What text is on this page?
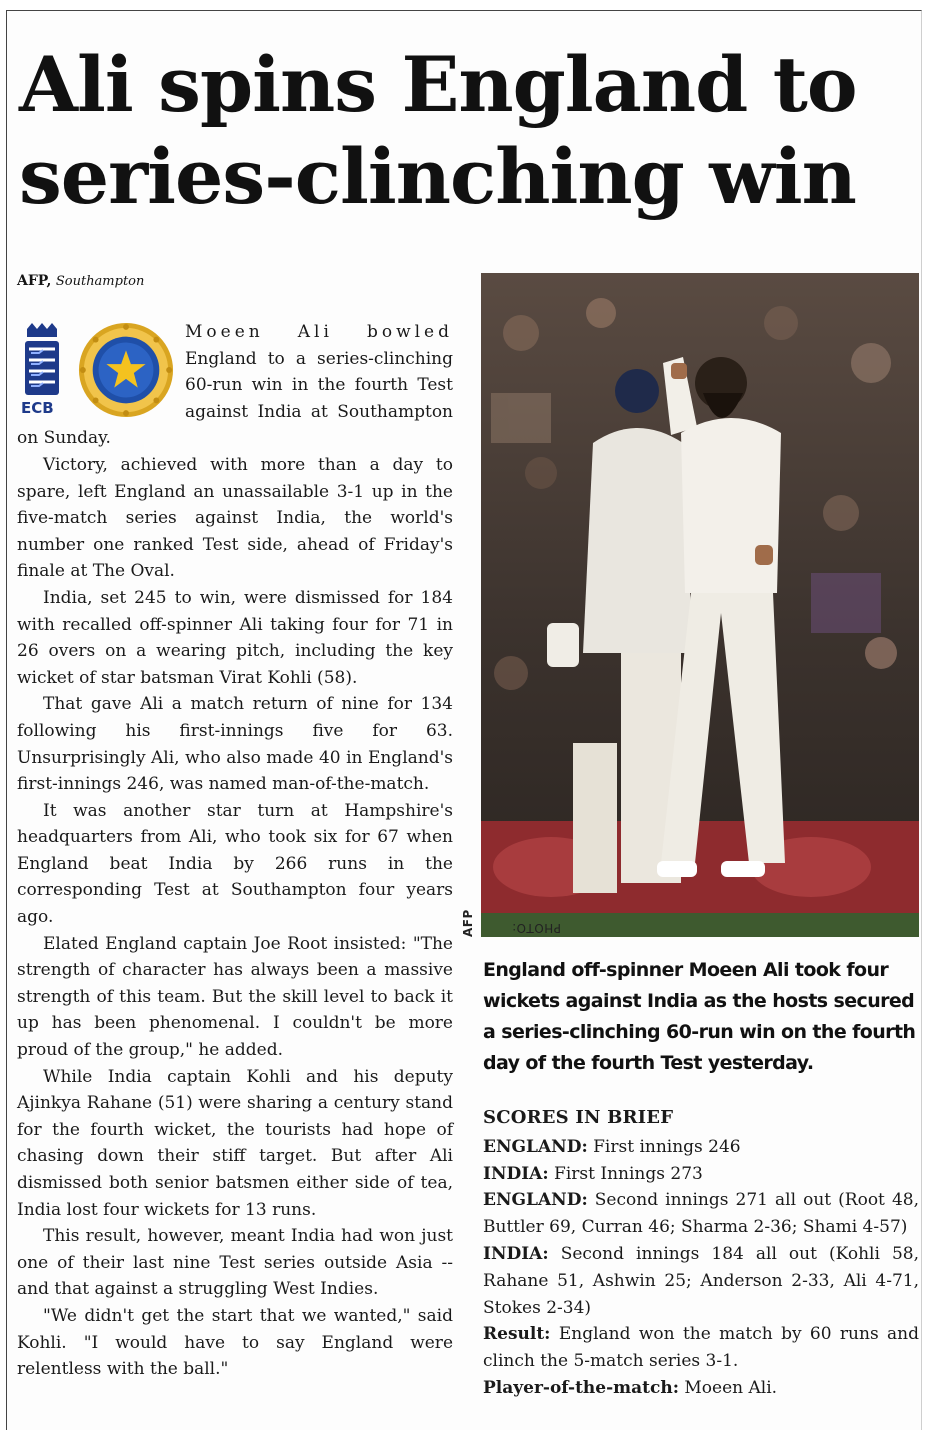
Ali spins England to
series-clinching win
AFP, Southampton
ECB

Moeen Ali bowled England to a series-clinching 60-run win in the fourth Test against India at Southampton on Sunday.

Victory, achieved with more than a day to spare, left England an unassailable 3-1 up in the five-match series against India, the world's number one ranked Test side, ahead of Friday's finale at The Oval.

India, set 245 to win, were dismissed for 184 with recalled off-spinner Ali taking four for 71 in 26 overs on a wearing pitch, including the key wicket of star batsman Virat Kohli (58).

That gave Ali a match return of nine for 134 following his first-innings five for 63. Unsurprisingly Ali, who also made 40 in England's first-innings 246, was named man-of-the-match.

It was another star turn at Hampshire's headquarters from Ali, who took six for 67 when England beat India by 266 runs in the corresponding Test at Southampton four years ago.

Elated England captain Joe Root insisted: "The strength of character has always been a massive strength of this team. But the skill level to back it up has been phenomenal. I couldn't be more proud of the group," he added.

While India captain Kohli and his deputy Ajinkya Rahane (51) were sharing a century stand for the fourth wicket, the tourists had hope of chasing down their stiff target. But after Ali dismissed both senior batsmen either side of tea, India lost four wickets for 13 runs.

This result, however, meant India had won just one of their last nine Test series outside Asia -- and that against a struggling West Indies.

"We didn't get the start that we wanted," said Kohli. "I would have to say England were relentless with the ball."

PHOTO:
AFP
England off-spinner Moeen Ali took four wickets against India as the hosts secured a series-clinching 60-run win on the fourth day of the fourth Test yesterday.
SCORES IN BRIEF

ENGLAND: First innings 246

INDIA: First Innings 273

ENGLAND: Second innings 271 all out (Root 48, Buttler 69, Curran 46; Sharma 2-36; Shami 4-57)

INDIA: Second innings 184 all out (Kohli 58, Rahane 51, Ashwin 25; Anderson 2-33, Ali 4-71, Stokes 2-34)

Result: England won the match by 60 runs and clinch the 5-match series 3-1.

Player-of-the-match: Moeen Ali.
